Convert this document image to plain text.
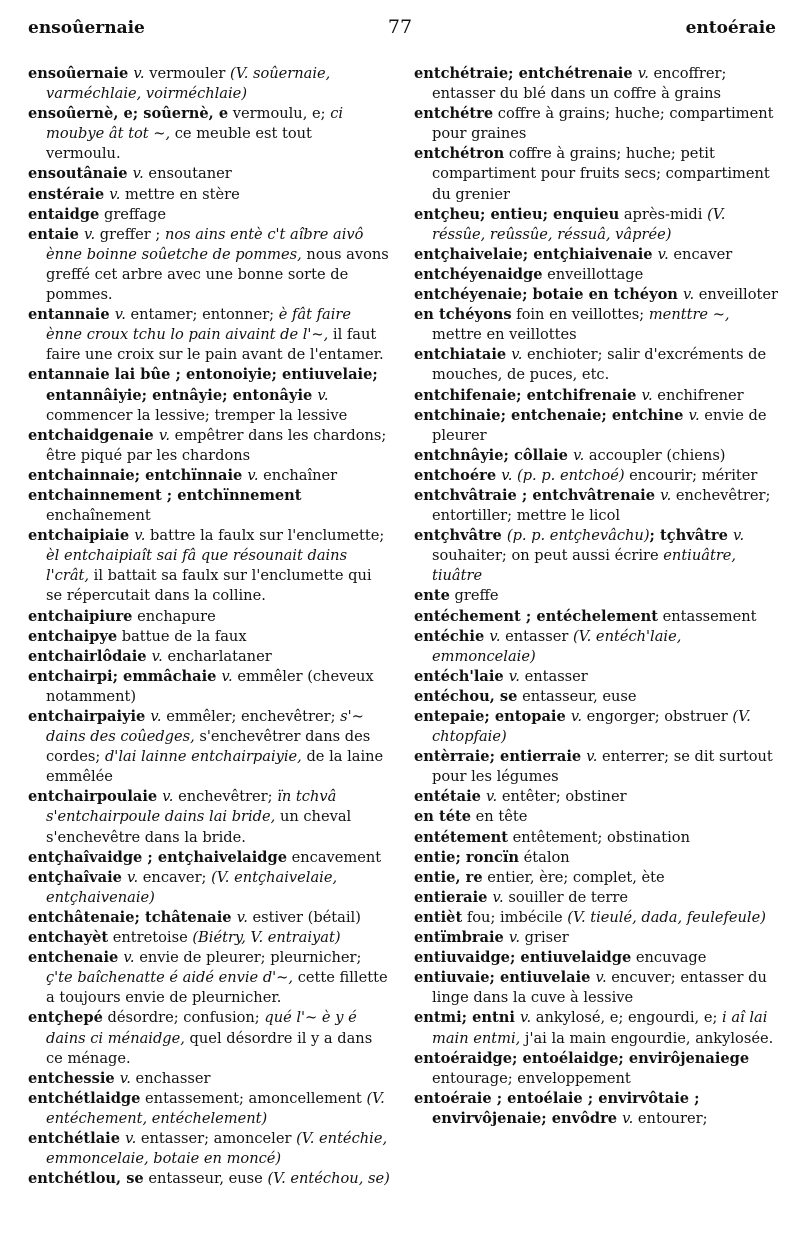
ensoûernaie	77	entoéraie

ensoûernaie v. vermouler (V. soûernaie, varméchlaie, voirméchlaie)

ensoûernè, e; soûernè, e vermoulu, e; ci moubye ât tot ~, ce meuble est tout vermoulu.

ensoutânaie v. ensoutaner

enstéraie v. mettre en stère

entaidge greffage

entaie v. greffer ; nos ains entè c't aîbre aivô ènne boinne soûetche de pommes, nous avons greffé cet arbre avec une bonne sorte de pommes.

entannaie v. entamer; entonner; è fât faire ènne croux tchu lo pain aivaint de l'~, il faut faire une croix sur le pain avant de l'entamer.

entannaie lai bûe ; entonoiyie; entiuvelaie; entannâiyie; entnâyie; entonâyie v. commencer la lessive; tremper la lessive

entchaidgenaie v. empêtrer dans les chardons; être piqué par les chardons

entchainnaie; entchïnnaie v. enchaîner

entchainnement ; entchïnnement enchaînement

entchaipiaie v. battre la faulx sur l'enclumette; èl entchaipiaît sai fâ que résounait dains l'crât, il battait sa faulx sur l'enclumette qui se répercutait dans la colline.

entchaipiure enchapure

entchaipye battue de la faux

entchairlôdaie v. encharlataner

entchairpi; emmâchaie v. emmêler (cheveux notamment)

entchairpaiyie v. emmêler; enchevêtrer; s'~ dains des coûedges, s'enchevêtrer dans des cordes; d'lai lainne entchairpaiyie, de la laine emmêlée

entchairpoulaie v. enchevêtrer; ïn tchvâ s'entchairpoule dains lai bride, un cheval s'enchevêtre dans la bride.

entçhaîvaidge ; entçhaivelaidge encavement

entçhaîvaie v. encaver; (V. entçhaivelaie, entçhaivenaie)

entchâtenaie; tchâtenaie v. estiver (bétail)

entchayèt entretoise (Biétry, V. entraiyat)

entchenaie v. envie de pleurer; pleurnicher; ç'te baîchenatte é aidé envie d'~, cette fillette a toujours envie de pleurnicher.

entçhepé désordre; confusion; qué l'~ è y é dains ci ménaidge, quel désordre il y a dans ce ménage.

entchessie v. enchasser

entchétlaidge entassement; amoncellement (V. entéchement, entéchelement)

entchétlaie v. entasser; amonceler (V. entéchie, emmoncelaie, botaie en moncé)

entchétlou, se entasseur, euse (V. entéchou, se)

entchétraie; entchétrenaie v. encoffrer; entasser du blé dans un coffre à grains

entchétre coffre à grains; huche; compartiment pour graines

entchétron coffre à grains; huche; petit compartiment pour fruits secs; compartiment du grenier

entçheu; entieu; enquieu après-midi (V. réssûe, reûssûe, réssuâ, vâprée)

entçhaivelaie; entçhiaivenaie v. encaver

entchéyenaidge enveillottage

entchéyenaie; botaie en tchéyon v. enveilloter

en tchéyons foin en veillottes; menttre ~, mettre en veillottes

entchiataie v. enchioter; salir d'excréments de mouches, de puces, etc.

entchifenaie; entchifrenaie v. enchifrener

entchinaie; entchenaie; entchine v. envie de pleurer

entchnâyie; côllaie v. accoupler (chiens)

entchoére v. (p. p. entchoé) encourir; mériter

entchvâtraie ; entchvâtrenaie v. enchevêtrer; entortiller; mettre le licol

entçhvâtre (p. p. entçhevâchu); tçhvâtre v. souhaiter; on peut aussi écrire entiuâtre, tiuâtre

ente greffe

entéchement ; entéchelement entassement

entéchie v. entasser (V. entéch'laie, emmoncelaie)

entéch'laie v. entasser

entéchou, se entasseur, euse

entepaie; entopaie v. engorger; obstruer (V. chtopfaie)

entèrraie; entierraie v. enterrer; se dit surtout pour les légumes

entétaie v. entêter; obstiner

en téte en tête

entétement entêtement; obstination

entie; roncïn étalon

entie, re entier, ère; complet, ète

entieraie v. souiller de terre

entièt fou; imbécile (V. tieulé, dada, feulefeule)

entïmbraie v. griser

entiuvaidge; entiuvelaidge encuvage

entiuvaie; entiuvelaie v. encuver; entasser du linge dans la cuve à lessive

entmi; entni v. ankylosé, e; engourdi, e; i aî lai main entmi, j'ai la main engourdie, ankylosée.

entoéraidge; entoélaidge; envirôjenaiege entourage; enveloppement

entoéraie ; entoélaie ; envirvôtaie ; envirvôjenaie; envôdre v. entourer;
